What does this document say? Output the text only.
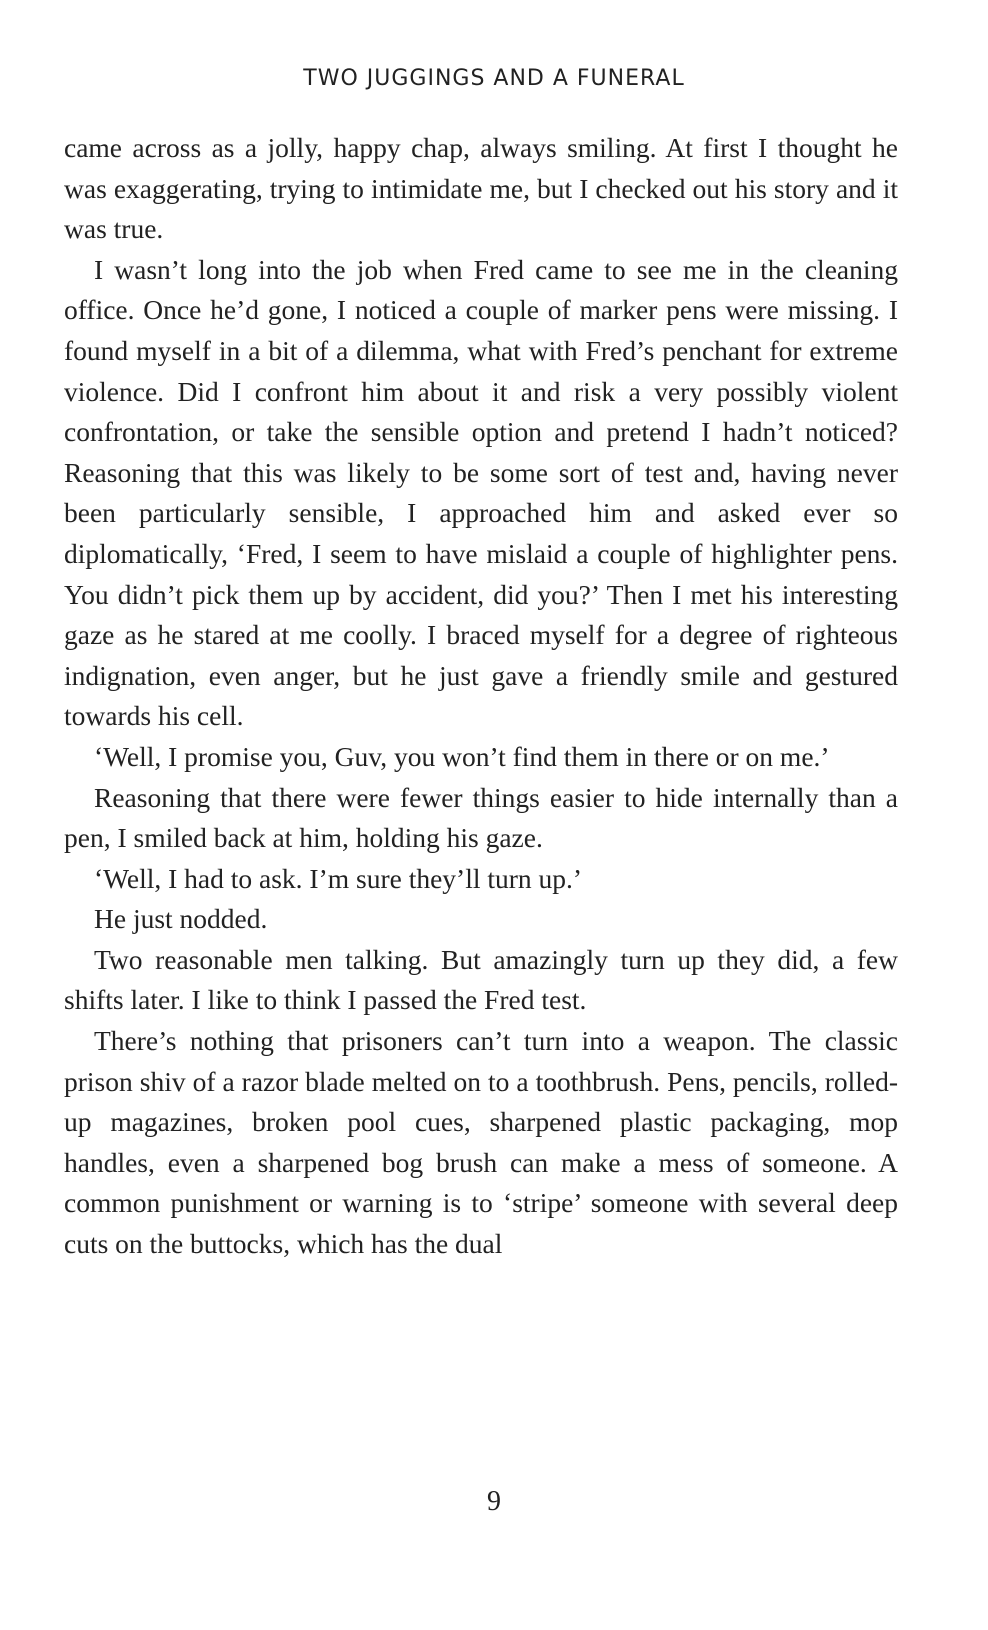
TWO JUGGINGS AND A FUNERAL

came across as a jolly, happy chap, always smiling. At first I thought he was exaggerating, trying to intimidate me, but I checked out his story and it was true.

I wasn’t long into the job when Fred came to see me in the cleaning office. Once he’d gone, I noticed a couple of marker pens were missing. I found myself in a bit of a dilemma, what with Fred’s penchant for extreme violence. Did I confront him about it and risk a very possibly violent confrontation, or take the sensible option and pretend I hadn’t noticed? Reasoning that this was likely to be some sort of test and, having never been particularly sensible, I approached him and asked ever so diplomatically, ‘Fred, I seem to have mislaid a couple of highlighter pens. You didn’t pick them up by accident, did you?’ Then I met his interesting gaze as he stared at me coolly. I braced myself for a degree of righteous indignation, even anger, but he just gave a friendly smile and gestured towards his cell.

‘Well, I promise you, Guv, you won’t find them in there or on me.’

Reasoning that there were fewer things easier to hide internally than a pen, I smiled back at him, holding his gaze.

‘Well, I had to ask. I’m sure they’ll turn up.’

He just nodded.

Two reasonable men talking. But amazingly turn up they did, a few shifts later. I like to think I passed the Fred test.

There’s nothing that prisoners can’t turn into a weapon. The classic prison shiv of a razor blade melted on to a toothbrush. Pens, pencils, rolled-up magazines, broken pool cues, sharpened plastic packaging, mop handles, even a sharpened bog brush can make a mess of someone. A common punishment or warning is to ‘stripe’ someone with several deep cuts on the buttocks, which has the dual

9
